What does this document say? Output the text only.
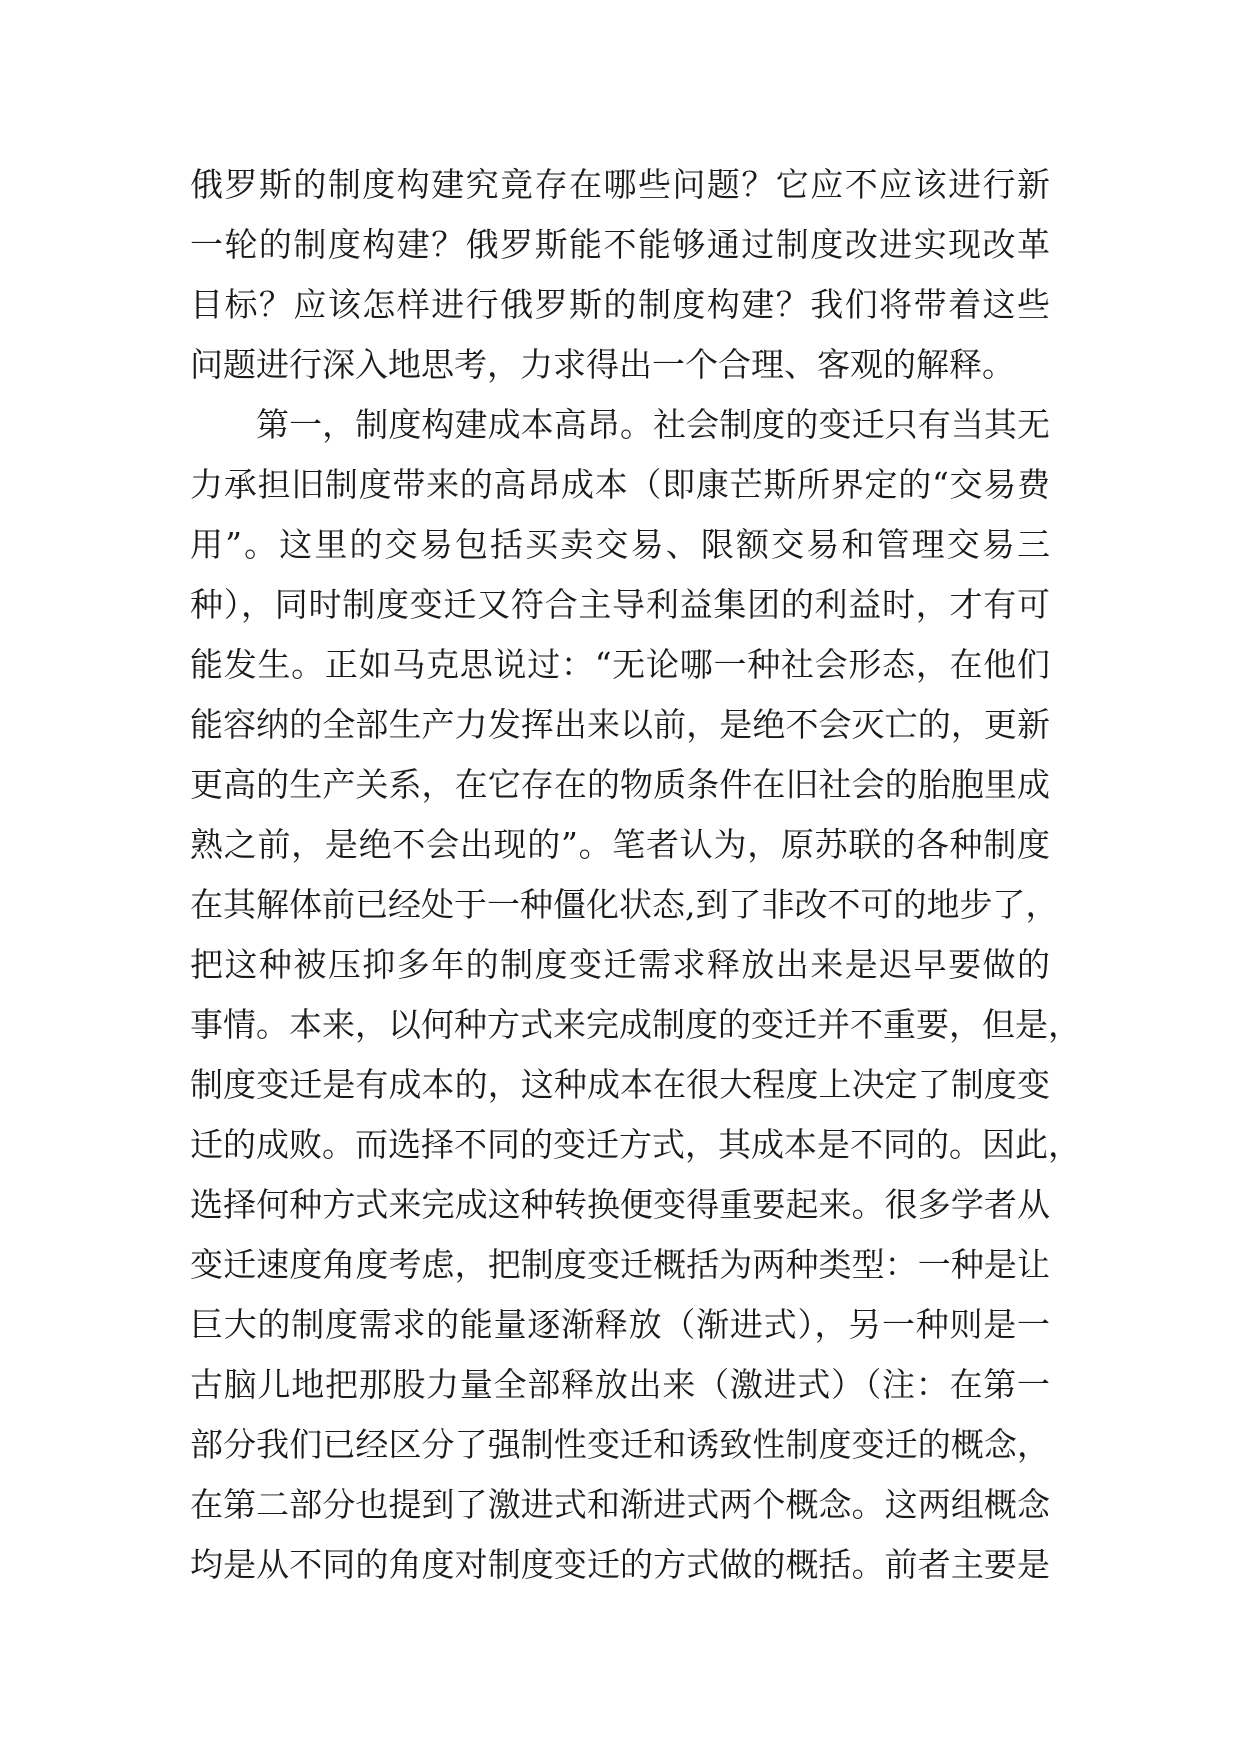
俄罗斯的制度构建究竟存在哪些问题？它应不应该进行新
一轮的制度构建？俄罗斯能不能够通过制度改进实现改革
目标？应该怎样进行俄罗斯的制度构建？我们将带着这些
问题进行深入地思考，力求得出一个合理、客观的解释。
第一，制度构建成本高昂。社会制度的变迁只有当其无
力承担旧制度带来的高昂成本（即康芒斯所界定的“交易费
用”。这里的交易包括买卖交易、限额交易和管理交易三
种），同时制度变迁又符合主导利益集团的利益时，才有可
能发生。正如马克思说过：“无论哪一种社会形态，在他们
能容纳的全部生产力发挥出来以前，是绝不会灭亡的，更新
更高的生产关系，在它存在的物质条件在旧社会的胎胞里成
熟之前，是绝不会出现的”。笔者认为，原苏联的各种制度
在其解体前已经处于一种僵化状态,到了非改不可的地步了，
把这种被压抑多年的制度变迁需求释放出来是迟早要做的
事情。本来，以何种方式来完成制度的变迁并不重要，但是，
制度变迁是有成本的，这种成本在很大程度上决定了制度变
迁的成败。而选择不同的变迁方式，其成本是不同的。因此，
选择何种方式来完成这种转换便变得重要起来。很多学者从
变迁速度角度考虑，把制度变迁概括为两种类型：一种是让
巨大的制度需求的能量逐渐释放（渐进式），另一种则是一
古脑儿地把那股力量全部释放出来（激进式）（注：在第一
部分我们已经区分了强制性变迁和诱致性制度变迁的概念，
在第二部分也提到了激进式和渐进式两个概念。这两组概念
均是从不同的角度对制度变迁的方式做的概括。前者主要是
